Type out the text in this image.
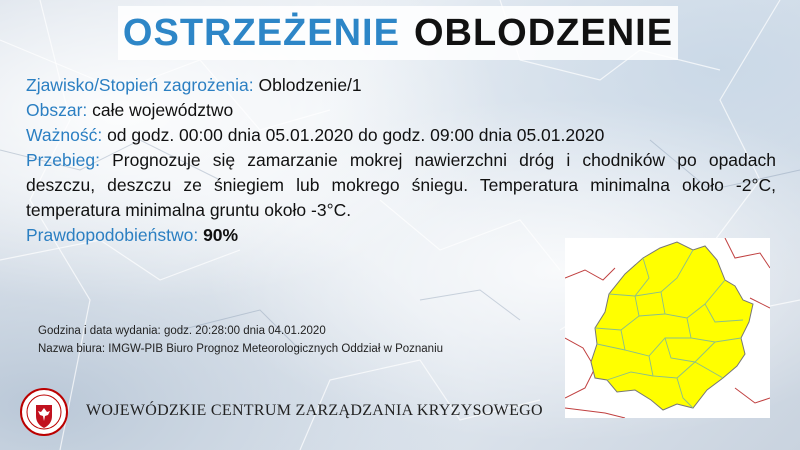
OSTRZEŻENIE OBLODZENIE
Zjawisko/Stopień zagrożenia: Oblodzenie/1
Obszar: całe województwo
Ważność: od godz. 00:00 dnia 05.01.2020 do godz. 09:00 dnia 05.01.2020
Przebieg: Prognozuje się zamarzanie mokrej nawierzchni dróg i chodników po opadach deszczu, deszczu ze śniegiem lub mokrego śniegu. Temperatura minimalna około -2°C, temperatura minimalna gruntu około -3°C.
Prawdopodobieństwo: 90%
Godzina i data wydania: godz. 20:28:00 dnia 04.01.2020
Nazwa biura: IMGW-PIB Biuro Prognoz Meteorologicznych Oddział w Poznaniu
WOJEWÓDZKIE CENTRUM ZARZĄDZANIA KRYZYSOWEGO
